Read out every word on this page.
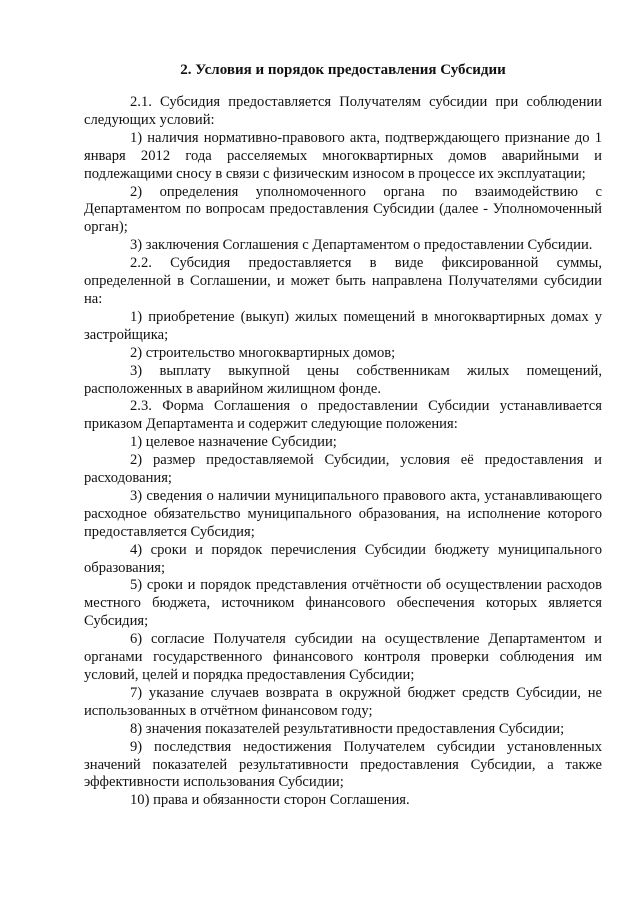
2. Условия и порядок предоставления Субсидии

2.1. Субсидия предоставляется Получателям субсидии при соблюдении следующих условий:

1) наличия нормативно-правового акта, подтверждающего признание до 1 января 2012 года расселяемых многоквартирных домов аварийными и подлежащими сносу в связи с физическим износом в процессе их эксплуатации;

2) определения уполномоченного органа по взаимодействию с Департаментом по вопросам предоставления Субсидии (далее - Уполномоченный орган);

3) заключения Соглашения с Департаментом о предоставлении Субсидии.

2.2. Субсидия предоставляется в виде фиксированной суммы, определенной в Соглашении, и может быть направлена Получателями субсидии на:

1) приобретение (выкуп) жилых помещений в многоквартирных домах у застройщика;

2) строительство многоквартирных домов;

3) выплату выкупной цены собственникам жилых помещений, расположенных в аварийном жилищном фонде.

2.3. Форма Соглашения о предоставлении Субсидии устанавливается приказом Департамента и содержит следующие положения:

1) целевое назначение Субсидии;

2) размер предоставляемой Субсидии, условия её предоставления и расходования;

3) сведения о наличии муниципального правового акта, устанавливающего расходное обязательство муниципального образования, на исполнение которого предоставляется Субсидия;

4) сроки и порядок перечисления Субсидии бюджету муниципального образования;

5) сроки и порядок представления отчётности об осуществлении расходов местного бюджета, источником финансового обеспечения которых является Субсидия;

6) согласие Получателя субсидии на осуществление Департаментом и органами государственного финансового контроля проверки соблюдения им условий, целей и порядка предоставления Субсидии;

7) указание случаев возврата в окружной бюджет средств Субсидии, не использованных в отчётном финансовом году;

8) значения показателей результативности предоставления Субсидии;

9) последствия недостижения Получателем субсидии установленных значений показателей результативности предоставления Субсидии, а также эффективности использования Субсидии;

10) права и обязанности сторон Соглашения.
